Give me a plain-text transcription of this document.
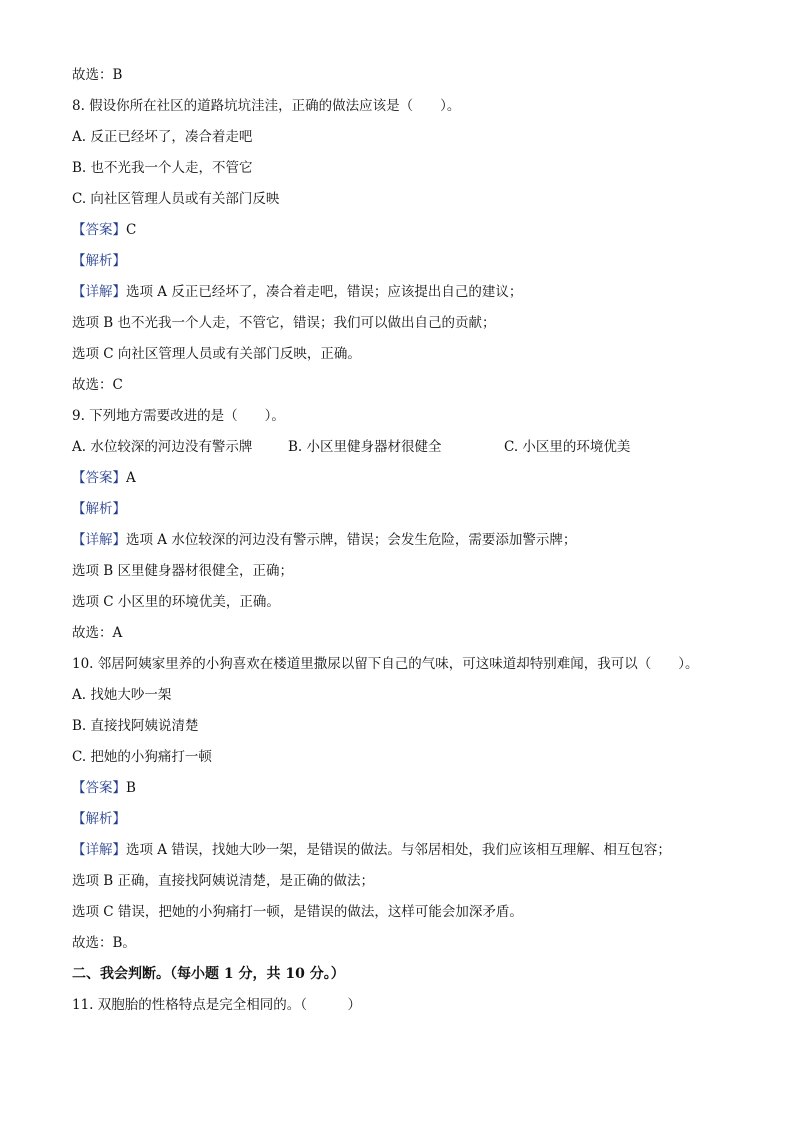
故选：B
8. 假设你所在社区的道路坑坑洼洼，正确的做法应该是（　　）。
A. 反正已经坏了，凑合着走吧
B. 也不光我一个人走，不管它
C. 向社区管理人员或有关部门反映
【答案】C
【解析】
【详解】选项 A 反正已经坏了，凑合着走吧，错误；应该提出自己的建议；
选项 B 也不光我一个人走，不管它，错误；我们可以做出自己的贡献；
选项 C 向社区管理人员或有关部门反映，正确。
故选：C
9. 下列地方需要改进的是（　　）。
A. 水位较深的河边没有警示牌	B. 小区里健身器材很健全	C. 小区里的环境优美
【答案】A
【解析】
【详解】选项 A 水位较深的河边没有警示牌，错误；会发生危险，需要添加警示牌；
选项 B 区里健身器材很健全，正确；
选项 C 小区里的环境优美，正确。
故选：A
10. 邻居阿姨家里养的小狗喜欢在楼道里撒尿以留下自己的气味，可这味道却特别难闻，我可以（　　）。
A. 找她大吵一架
B. 直接找阿姨说清楚
C. 把她的小狗痛打一顿
【答案】B
【解析】
【详解】选项 A 错误，找她大吵一架，是错误的做法。与邻居相处，我们应该相互理解、相互包容；
选项 B 正确，直接找阿姨说清楚，是正确的做法；
选项 C 错误，把她的小狗痛打一顿，是错误的做法，这样可能会加深矛盾。
故选：B。
二、我会判断。（每小题 1 分，共 10 分。）
11. 双胞胎的性格特点是完全相同的。（　　　）
